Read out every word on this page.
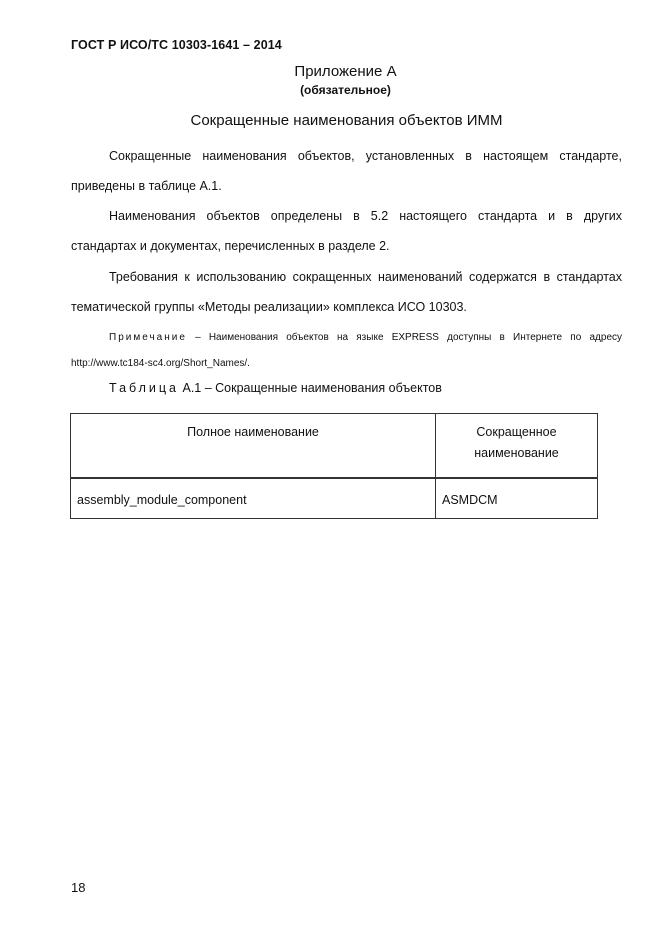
ГОСТ Р ИСО/ТС 10303-1641 – 2014
Приложение А
(обязательное)
Сокращенные наименования объектов ИММ
Сокращенные наименования объектов, установленных в настоящем стандарте, приведены в таблице А.1.
Наименования объектов определены в 5.2 настоящего стандарта и в других стандартах и документах, перечисленных в разделе 2.
Требования к использованию сокращенных наименований содержатся в стандартах тематической группы «Методы реализации» комплекса ИСО 10303.
Примечание – Наименования объектов на языке EXPRESS доступны в Интернете по адресу http://www.tc184-sc4.org/Short_Names/.
Таблица А.1 – Сокращенные наименования объектов
Полное наименование	Сокращенное наименование
assembly_module_component	ASMDCM
18
